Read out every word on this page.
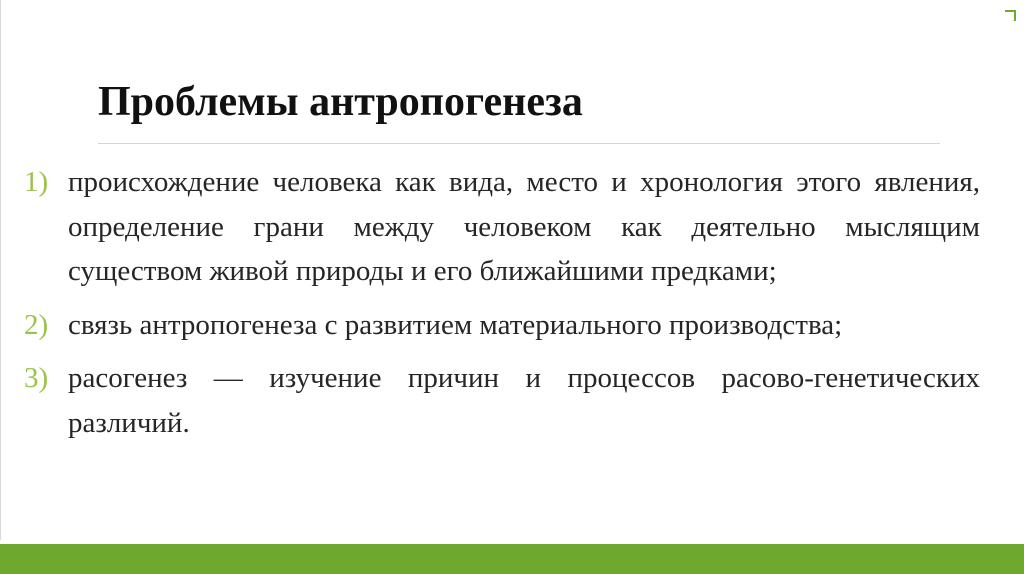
Проблемы антропогенеза
1) происхождение человека как вида, место и хронология этого явления, определение грани между человеком как деятельно мыслящим существом живой природы и его ближайшими предками;
2) связь антропогенеза с развитием материального производства;
3) расогенез — изучение причин и процессов расово-генетических различий.
